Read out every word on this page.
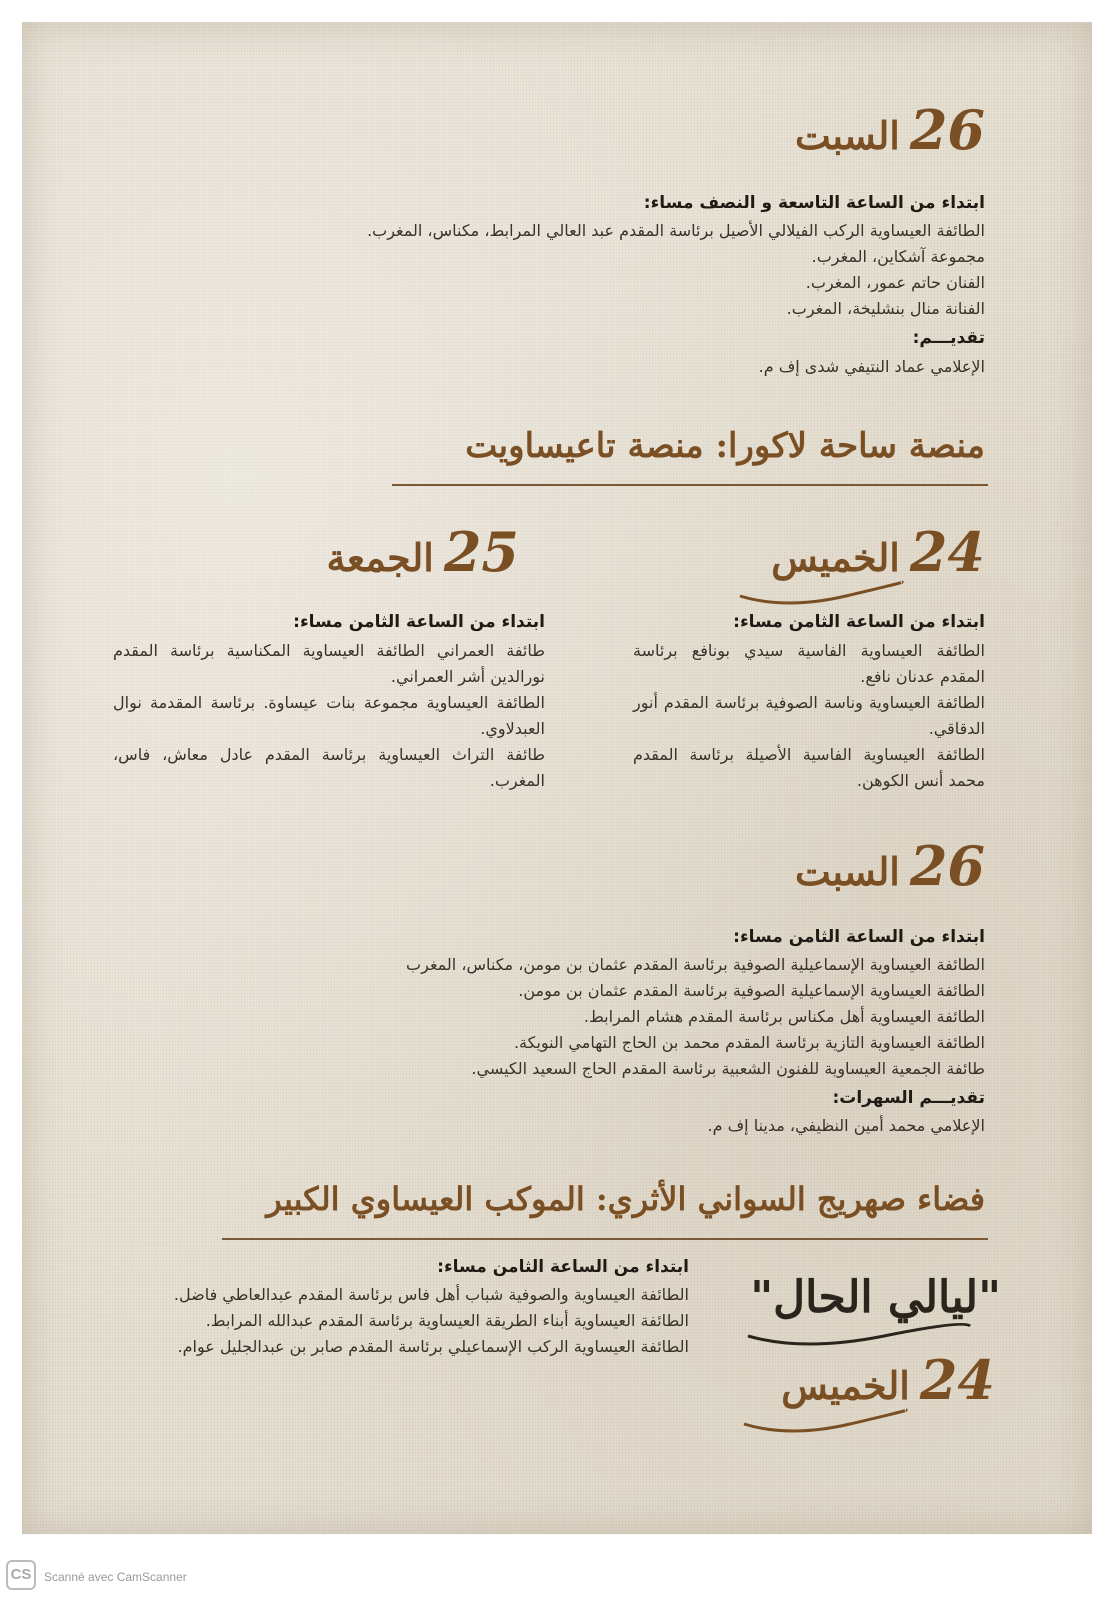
26السبت
ابتداء من الساعة التاسعة و النصف مساء:
الطائفة العيساوية الركب الفيلالي الأصيل برئاسة المقدم عبد العالي المرابط، مكناس، المغرب.
مجموعة آشكاين، المغرب.
الفنان حاتم عمور، المغرب.
الفنانة منال بنشليخة، المغرب.
تقديـــم:
الإعلامي عماد النتيفي شدى إف م.
منصة ساحة لاكورا: منصة تاعيساويت
24الخميس
ابتداء من الساعة الثامن مساء:

الطائفة العيساوية الفاسية سيدي بونافع برئاسة المقدم عدنان نافع.

الطائفة العيساوية وناسة الصوفية برئاسة المقدم أنور الدقاقي.

الطائفة العيساوية الفاسية الأصيلة برئاسة المقدم محمد أنس الكوهن.

25الجمعة
ابتداء من الساعة الثامن مساء:

طائفة العمراني الطائفة العيساوية المكناسية برئاسة المقدم نورالدين أشر العمراني.

الطائفة العيساوية مجموعة بنات عيساوة. برئاسة المقدمة نوال العبدلاوي.

طائفة التراث العيساوية برئاسة المقدم عادل معاش، فاس، المغرب.

26السبت
ابتداء من الساعة الثامن مساء:
الطائفة العيساوية الإسماعيلية الصوفية برئاسة المقدم عثمان بن مومن، مكناس، المغرب
الطائفة العيساوية الإسماعيلية الصوفية برئاسة المقدم عثمان بن مومن.
الطائفة العيساوية أهل مكناس برئاسة المقدم هشام المرابط.
الطائفة العيساوية التازية برئاسة المقدم محمد بن الحاج التهامي النويكة.
طائفة الجمعية العيساوية للفنون الشعبية برئاسة المقدم الحاج السعيد الكيسي.
تقديـــم السهرات:
الإعلامي محمد أمين النظيفي، مدينا إف م.
فضاء صهريج السواني الأثري: الموكب العيساوي الكبير
ابتداء من الساعة الثامن مساء:

الطائفة العيساوية والصوفية شباب أهل فاس برئاسة المقدم عبدالعاطي فاضل.

الطائفة العيساوية أبناء الطريقة العيساوية برئاسة المقدم عبدالله المرابط.

الطائفة العيساوية الركب الإسماعيلي برئاسة المقدم صابر بن عبدالجليل عوام.

"ليالي الحال"
24الخميس
CS	Scanné avec CamScanner
